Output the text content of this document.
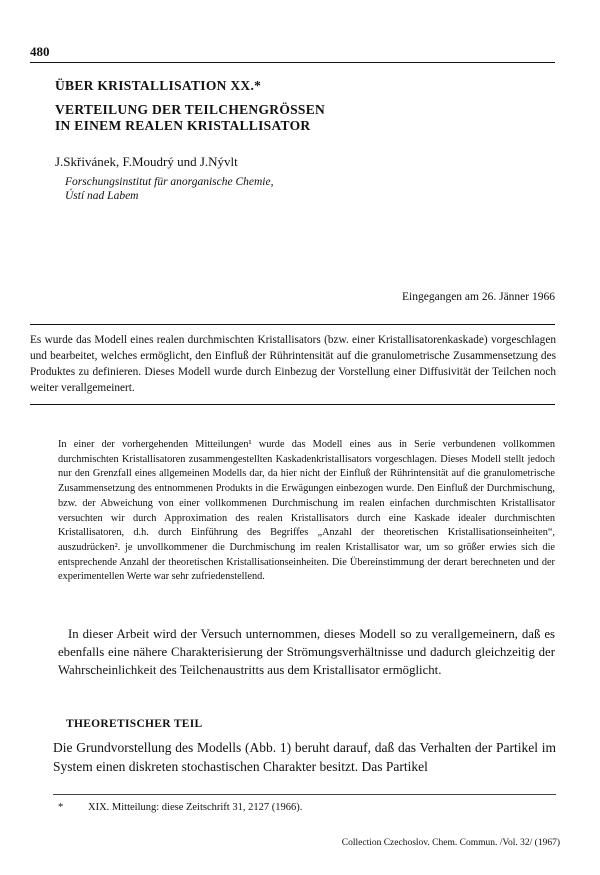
480
ÜBER KRISTALLISATION XX.*
VERTEILUNG DER TEILCHENGRÖSSEN
IN EINEM REALEN KRISTALLISATOR
J.Skřivánek, F.Moudrý und J.Nývlt
Forschungsinstitut für anorganische Chemie,
Ústí nad Labem
Eingegangen am 26. Jänner 1966
Es wurde das Modell eines realen durchmischten Kristallisators (bzw. einer Kristallisatorenkaskade) vorgeschlagen und bearbeitet, welches ermöglicht, den Einfluß der Rührintensität auf die granulometrische Zusammensetzung des Produktes zu definieren. Dieses Modell wurde durch Einbezug der Vorstellung einer Diffusivität der Teilchen noch weiter verallgemeinert.
In einer der vorhergehenden Mitteilungen¹ wurde das Modell eines aus in Serie verbundenen vollkommen durchmischten Kristallisatoren zusammengestellten Kaskadenkristallisators vorgeschlagen. Dieses Modell stellt jedoch nur den Grenzfall eines allgemeinen Modells dar, da hier nicht der Einfluß der Rührintensität auf die granulometrische Zusammensetzung des entnommenen Produkts in die Erwägungen einbezogen wurde. Den Einfluß der Durchmischung, bzw. der Abweichung von einer vollkommenen Durchmischung im realen einfachen durchmischten Kristallisator versuchten wir durch Approximation des realen Kristallisators durch eine Kaskade idealer durchmischten Kristallisatoren, d.h. durch Einführung des Begriffes „Anzahl der theoretischen Kristallisationseinheiten“, auszudrücken². je unvollkommener die Durchmischung im realen Kristallisator war, um so größer erwies sich die entsprechende Anzahl der theoretischen Kristallisationseinheiten. Die Übereinstimmung der derart berechneten und der experimentellen Werte war sehr zufriedenstellend.
In dieser Arbeit wird der Versuch unternommen, dieses Modell so zu verallgemeinern, daß es ebenfalls eine nähere Charakterisierung der Strömungsverhältnisse und dadurch gleichzeitig der Wahrscheinlichkeit des Teilchenaustritts aus dem Kristallisator ermöglicht.
THEORETISCHER TEIL
Die Grundvorstellung des Modells (Abb. 1) beruht darauf, daß das Verhalten der Partikel im System einen diskreten stochastischen Charakter besitzt. Das Partikel
* XIX. Mitteilung: diese Zeitschrift 31, 2127 (1966).
Collection Czechoslov. Chem. Commun. /Vol. 32/ (1967)
